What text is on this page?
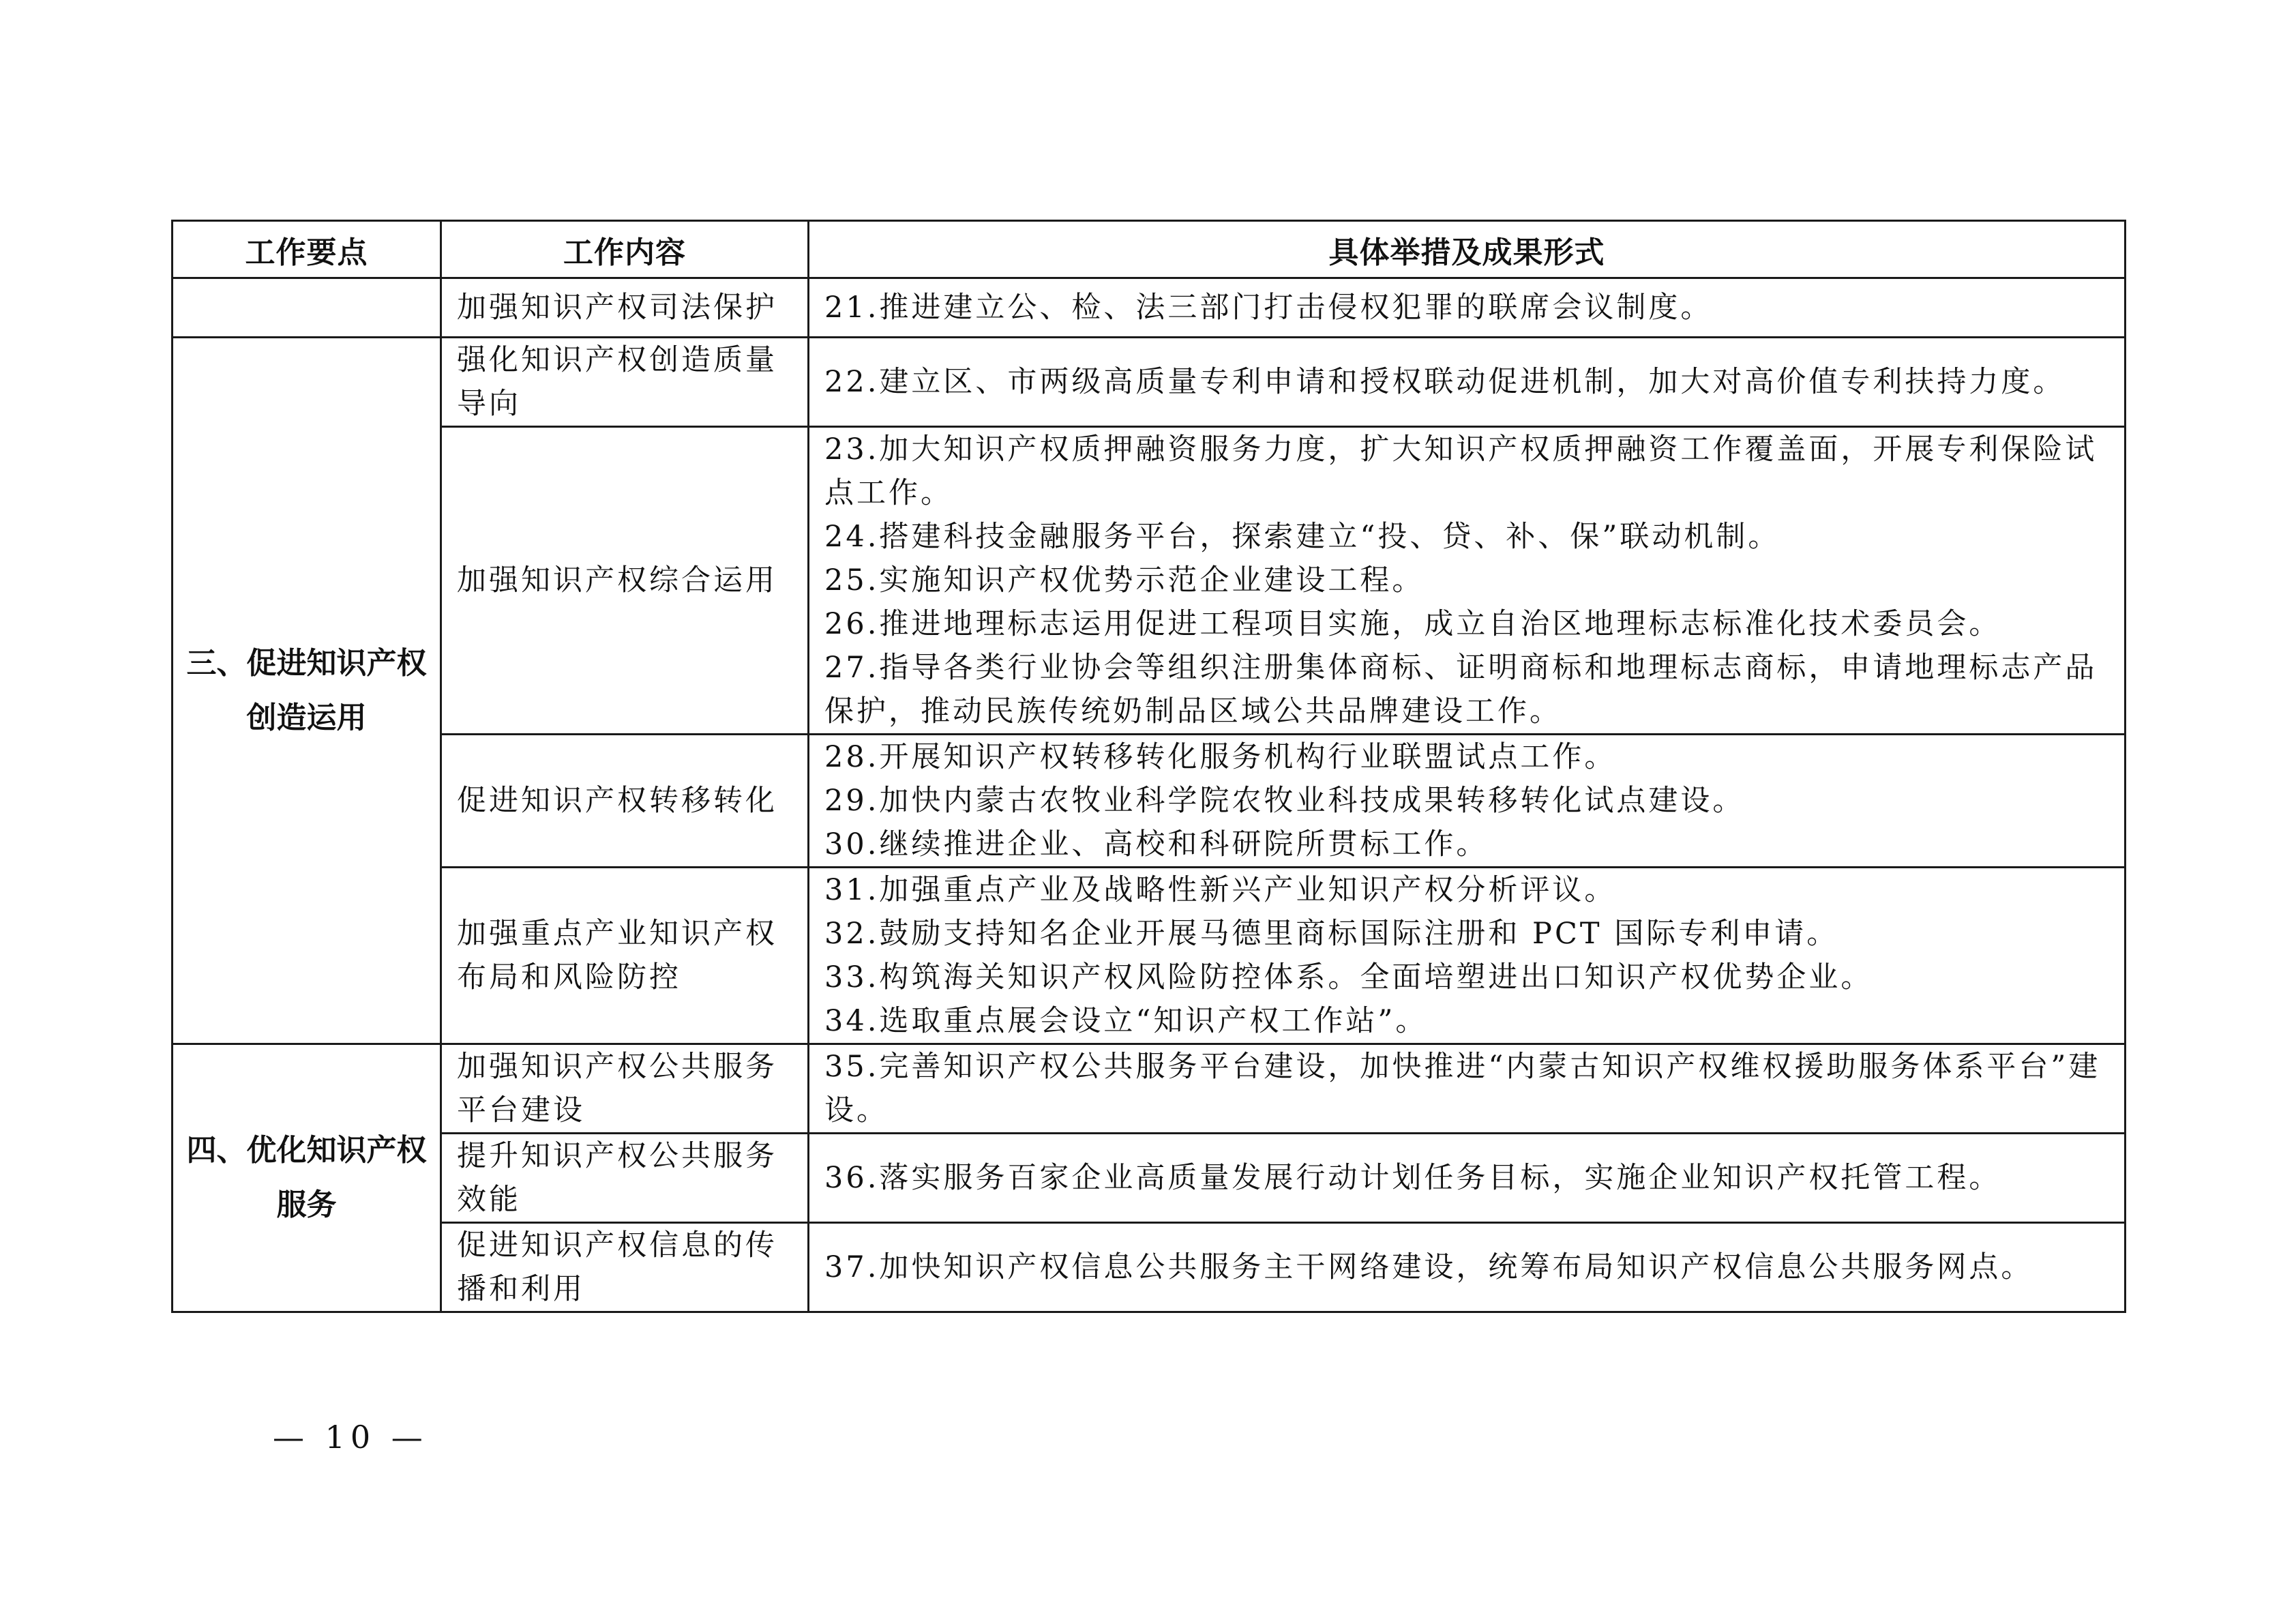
工作要点	工作内容	具体举措及成果形式
	加强知识产权司法保护	21.推进建立公、检、法三部门打击侵权犯罪的联席会议制度。

三、促进知识产权创造运用	强化知识产权创造质量导向	22.建立区、市两级高质量专利申请和授权联动促进机制，加大对高价值专利扶持力度。

	加强知识产权综合运用	23.加大知识产权质押融资服务力度，扩大知识产权质押融资工作覆盖面，开展专利保险试点工作。
24.搭建科技金融服务平台，探索建立“投、贷、补、保”联动机制。
25.实施知识产权优势示范企业建设工程。
26.推进地理标志运用促进工程项目实施，成立自治区地理标志标准化技术委员会。
27.指导各类行业协会等组织注册集体商标、证明商标和地理标志商标，申请地理标志产品保护，推动民族传统奶制品区域公共品牌建设工作。

	促进知识产权转移转化	28.开展知识产权转移转化服务机构行业联盟试点工作。
29.加快内蒙古农牧业科学院农牧业科技成果转移转化试点建设。
30.继续推进企业、高校和科研院所贯标工作。

	加强重点产业知识产权布局和风险防控	31.加强重点产业及战略性新兴产业知识产权分析评议。
32.鼓励支持知名企业开展马德里商标国际注册和 PCT 国际专利申请。
33.构筑海关知识产权风险防控体系。全面培塑进出口知识产权优势企业。
34.选取重点展会设立“知识产权工作站”。

四、优化知识产权服务	加强知识产权公共服务平台建设	35.完善知识产权公共服务平台建设，加快推进“内蒙古知识产权维权援助服务体系平台”建设。

	提升知识产权公共服务效能	36.落实服务百家企业高质量发展行动计划任务目标，实施企业知识产权托管工程。

	促进知识产权信息的传播和利用	37.加快知识产权信息公共服务主干网络建设，统筹布局知识产权信息公共服务网点。
— 10 —
